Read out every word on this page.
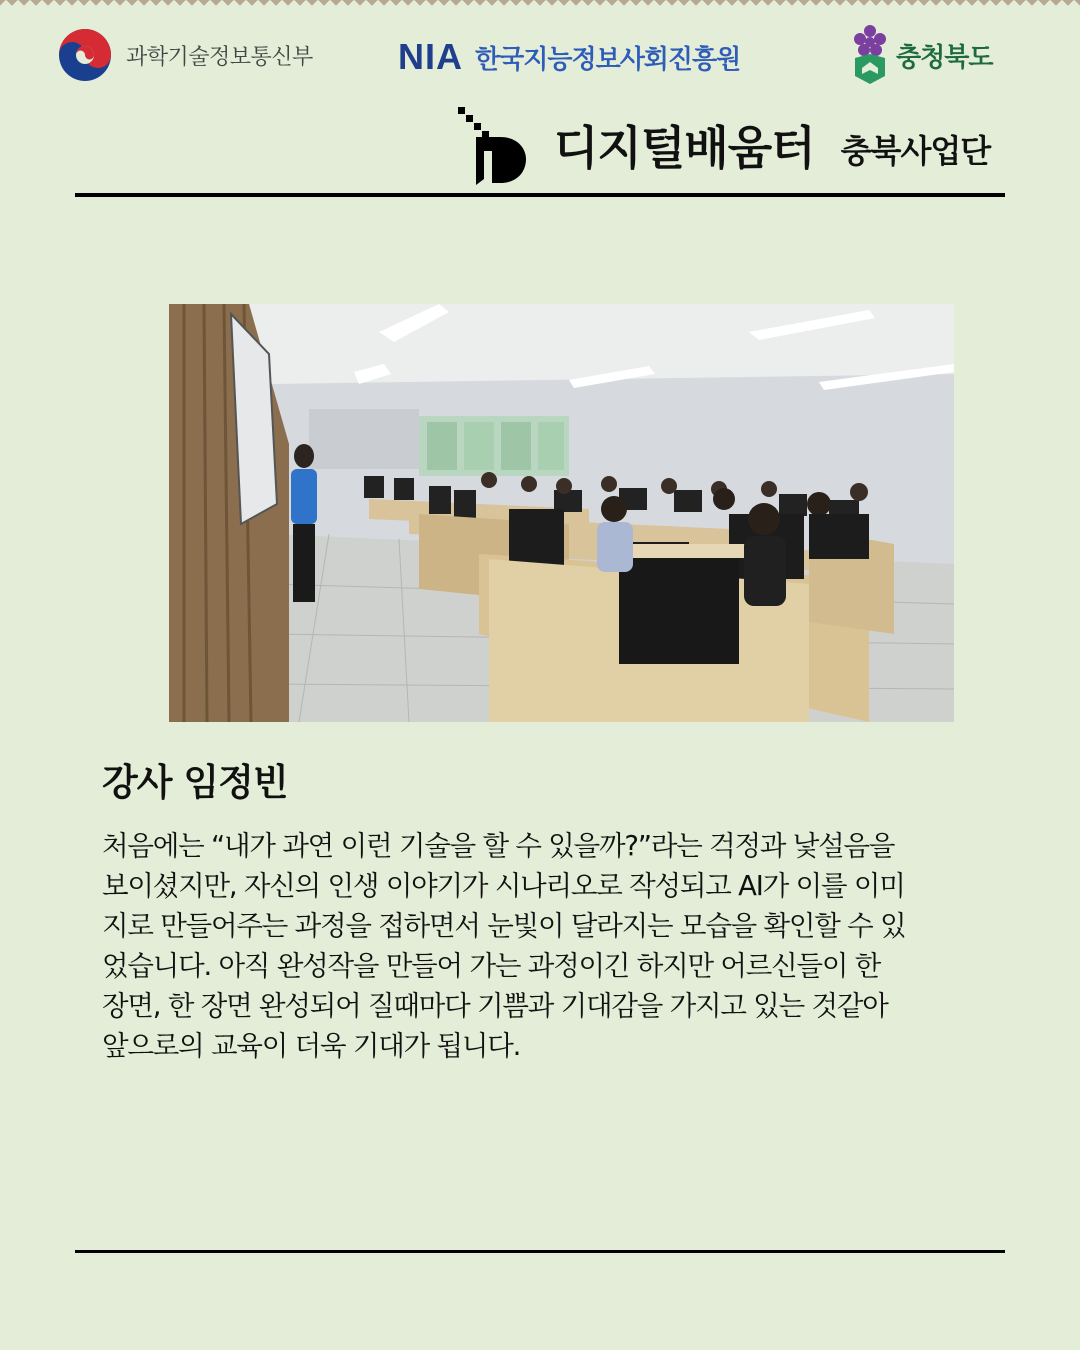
과학기술정보통신부 NIA 한국지능정보사회진흥원	충청북도
디지털배움터 충북사업단
강사 임정빈

처음에는 “내가 과연 이런 기술을 할 수 있을까?”라는 걱정과 낯설음을
보이셨지만, 자신의 인생 이야기가 시나리오로 작성되고 AI가 이를 이미
지로 만들어주는 과정을 접하면서 눈빛이 달라지는 모습을 확인할 수 있
었습니다. 아직 완성작을 만들어 가는 과정이긴 하지만 어르신들이 한
장면, 한 장면 완성되어 질때마다 기쁨과 기대감을 가지고 있는 것같아
앞으로의 교육이 더욱 기대가 됩니다.
